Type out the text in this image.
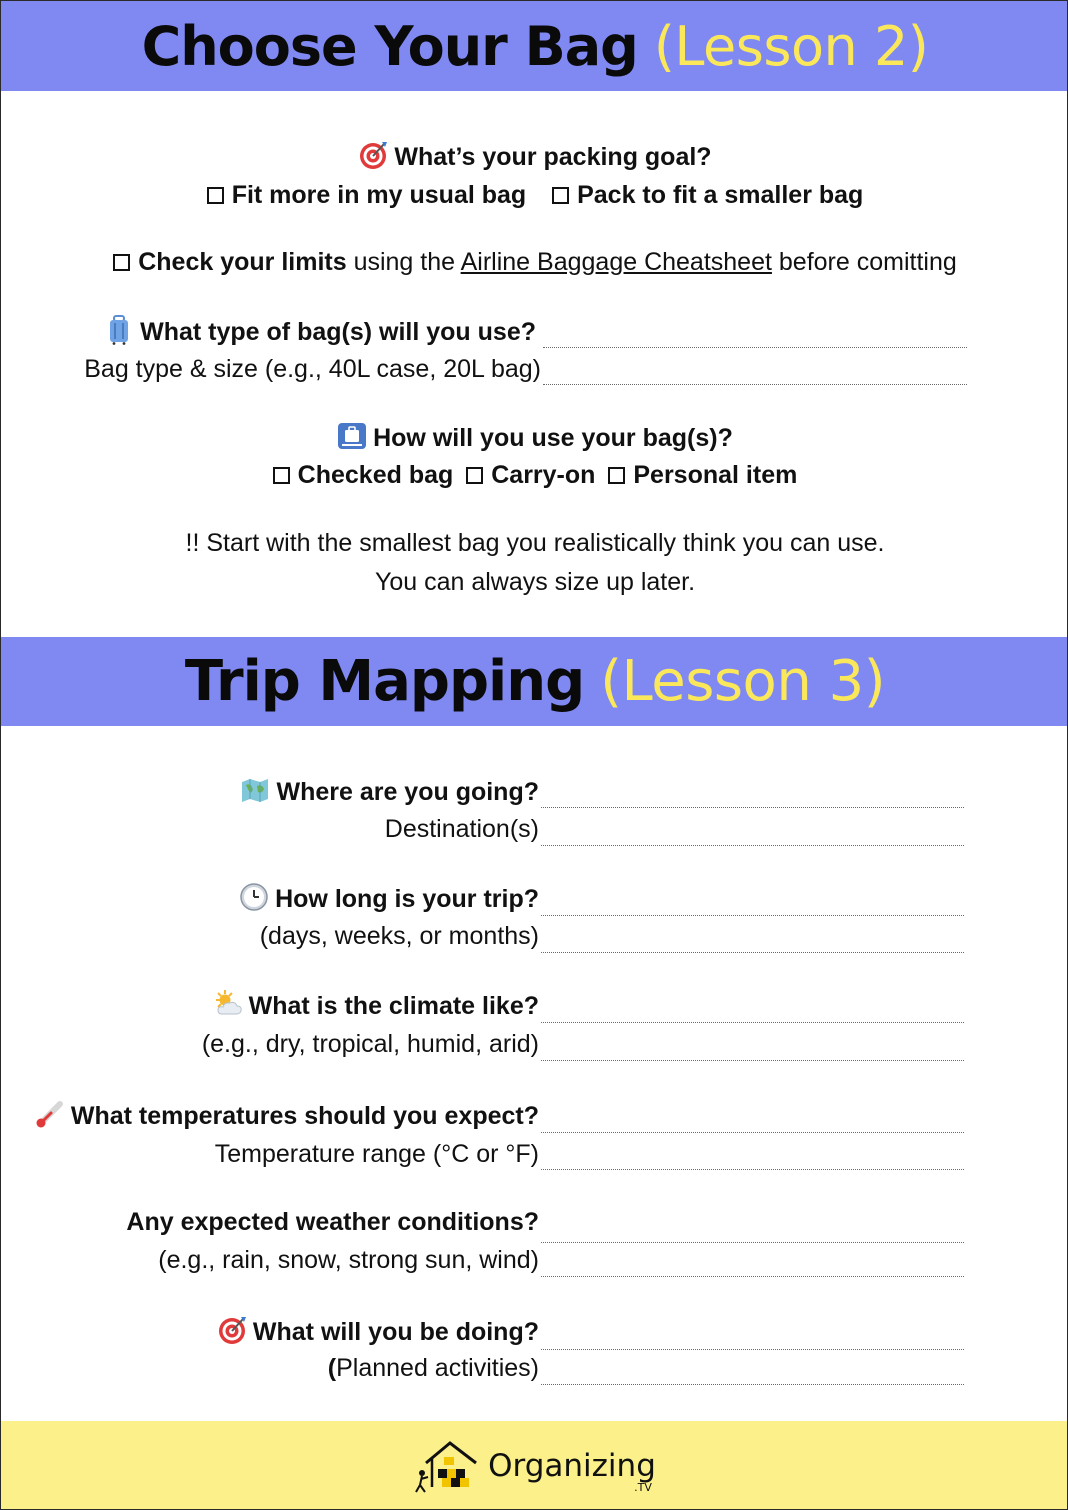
Choose Your Bag (Lesson 2)
What’s your packing goal?
Fit more in my usual bag Pack to fit a smaller bag
Check your limits using the Airline Baggage Cheatsheet before comitting
What type of bag(s) will you use?
Bag type & size (e.g., 40L case, 20L bag)
How will you use your bag(s)?
Checked bag Carry-on Personal item
!! Start with the smallest bag you realistically think you can use.
You can always size up later.
Trip Mapping (Lesson 3)
Where are you going?
Destination(s)
How long is your trip?
(days, weeks, or months)
What is the climate like?
(e.g., dry, tropical, humid, arid)
What temperatures should you expect?
Temperature range (°C or °F)
Any expected weather conditions?
(e.g., rain, snow, strong sun, wind)
What will you be doing?
(Planned activities)
Organizing
.TV
